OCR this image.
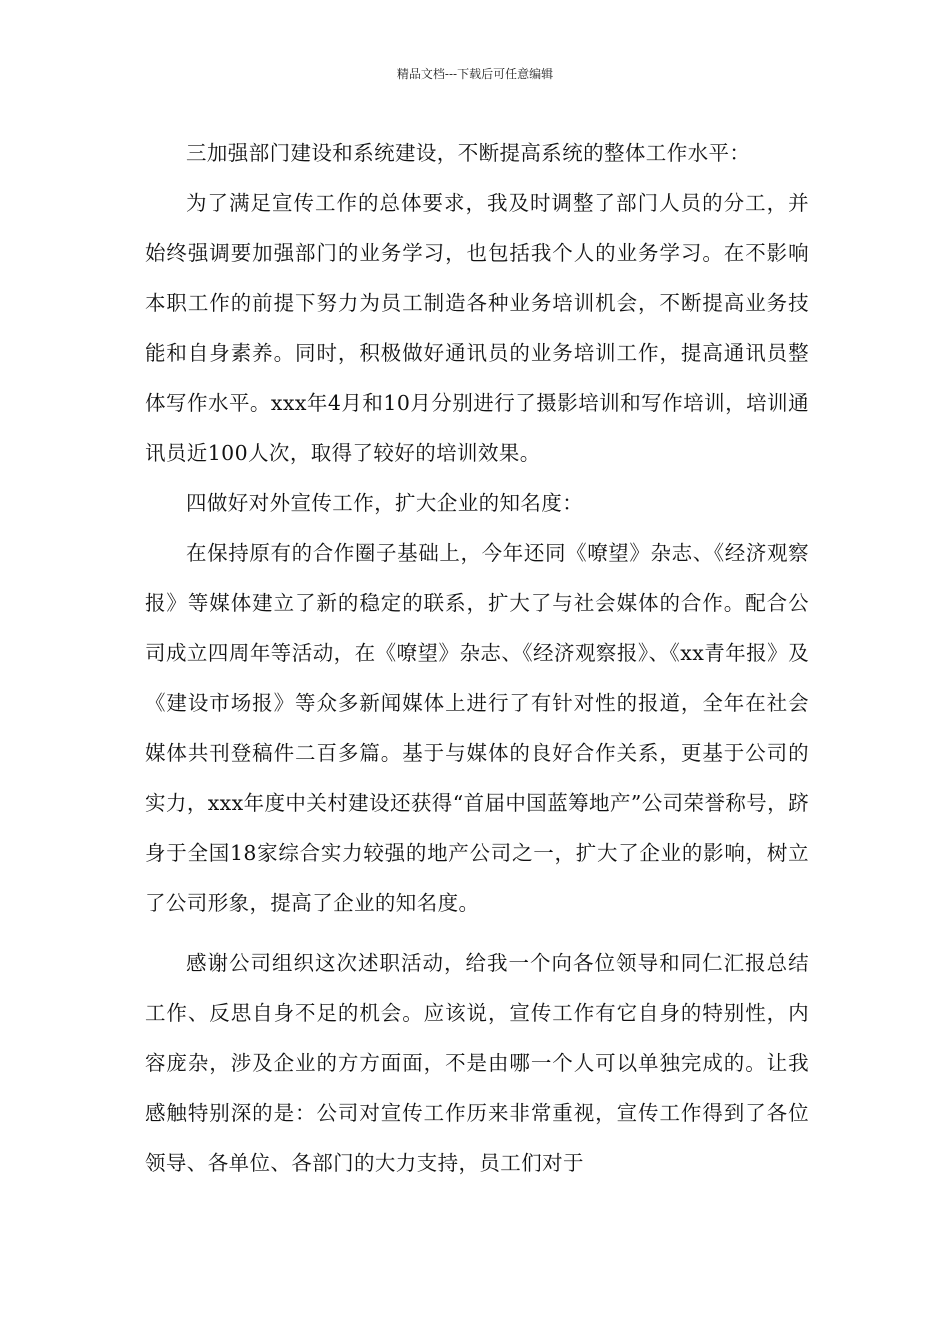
精品文档---下载后可任意编辑

三加强部门建设和系统建设，不断提高系统的整体工作水平：

为了满足宣传工作的总体要求，我及时调整了部门人员的分工，并始终强调要加强部门的业务学习，也包括我个人的业务学习。在不影响本职工作的前提下努力为员工制造各种业务培训机会，不断提高业务技能和自身素养。同时，积极做好通讯员的业务培训工作，提高通讯员整体写作水平。xxx年4月和10月分别进行了摄影培训和写作培训，培训通讯员近100人次，取得了较好的培训效果。

四做好对外宣传工作，扩大企业的知名度：

在保持原有的合作圈子基础上，今年还同《嘹望》杂志、《经济观察报》等媒体建立了新的稳定的联系，扩大了与社会媒体的合作。配合公司成立四周年等活动，在《嘹望》杂志、《经济观察报》、《xx青年报》及《建设市场报》等众多新闻媒体上进行了有针对性的报道，全年在社会媒体共刊登稿件二百多篇。基于与媒体的良好合作关系，更基于公司的实力，xxx年度中关村建设还获得“首届中国蓝筹地产”公司荣誉称号，跻身于全国18家综合实力较强的地产公司之一，扩大了企业的影响，树立了公司形象，提高了企业的知名度。

感谢公司组织这次述职活动，给我一个向各位领导和同仁汇报总结工作、反思自身不足的机会。应该说，宣传工作有它自身的特别性，内容庞杂，涉及企业的方方面面，不是由哪一个人可以单独完成的。让我感触特别深的是：公司对宣传工作历来非常重视，宣传工作得到了各位领导、各单位、各部门的大力支持，员工们对于
